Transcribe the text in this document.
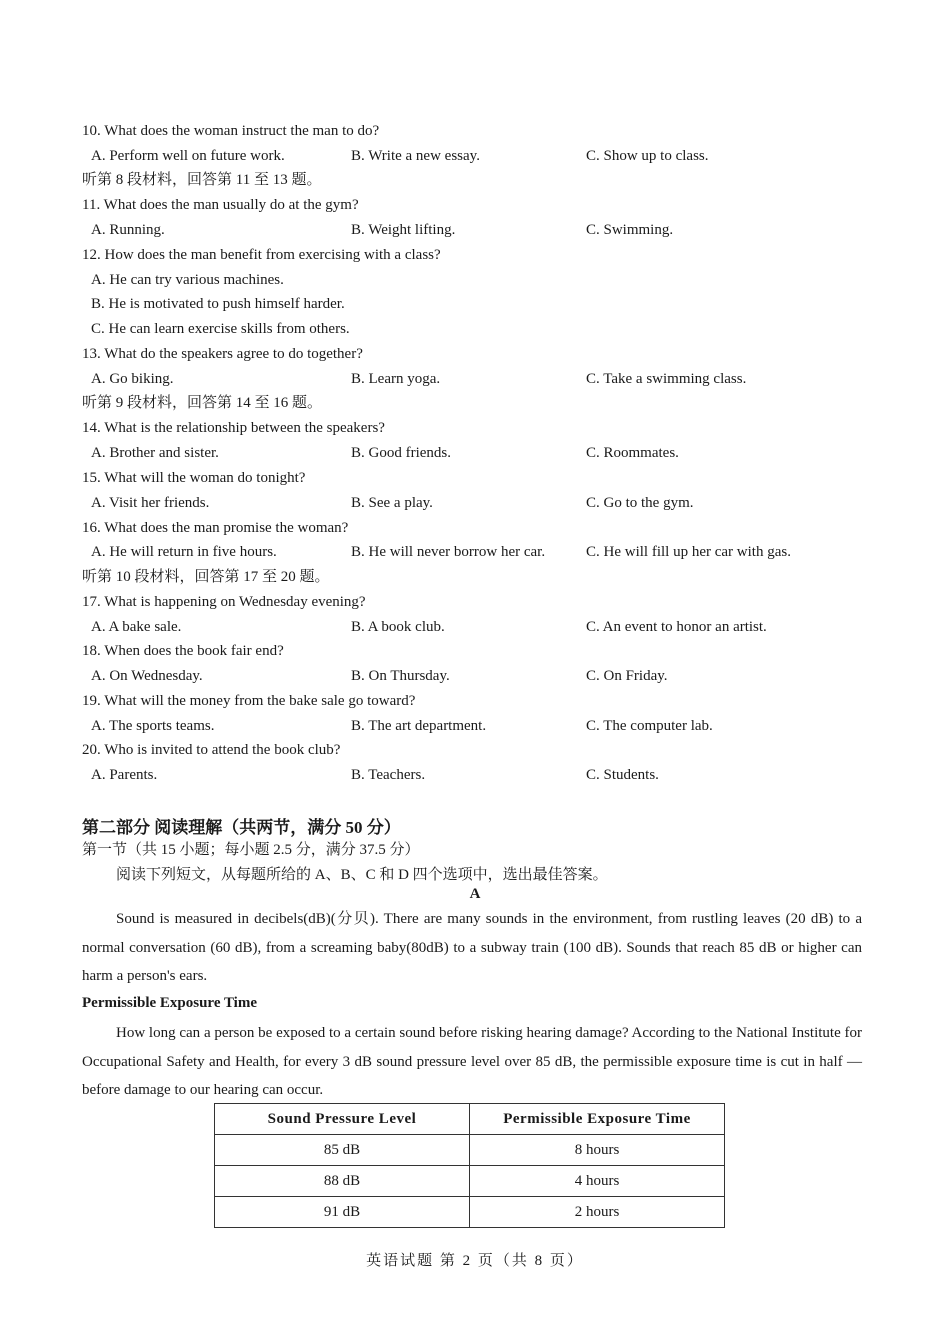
10. What does the woman instruct the man to do?
A. Perform well on future work.	B. Write a new essay.	C. Show up to class.
听第 8 段材料，回答第 11 至 13 题。
11. What does the man usually do at the gym?
A. Running.	B. Weight lifting.	C. Swimming.
12. How does the man benefit from exercising with a class?
A. He can try various machines.
B. He is motivated to push himself harder.
C. He can learn exercise skills from others.
13. What do the speakers agree to do together?
A. Go biking.	B. Learn yoga.	C. Take a swimming class.
听第 9 段材料，回答第 14 至 16 题。
14. What is the relationship between the speakers?
A. Brother and sister.	B. Good friends.	C. Roommates.
15. What will the woman do tonight?
A. Visit her friends.	B. See a play.	C. Go to the gym.
16. What does the man promise the woman?
A. He will return in five hours.	B. He will never borrow her car.	C. He will fill up her car with gas.
听第 10 段材料，回答第 17 至 20 题。
17. What is happening on Wednesday evening?
A. A bake sale.	B. A book club.	C. An event to honor an artist.
18. When does the book fair end?
A. On Wednesday.	B. On Thursday.	C. On Friday.
19. What will the money from the bake sale go toward?
A. The sports teams.	B. The art department.	C. The computer lab.
20. Who is invited to attend the book club?
A. Parents.	B. Teachers.	C. Students.
第二部分 阅读理解（共两节，满分 50 分）
第一节（共 15 小题；每小题 2.5 分，满分 37.5 分）
阅读下列短文，从每题所给的 A、B、C 和 D 四个选项中，选出最佳答案。
A
Sound is measured in decibels(dB)(分贝). There are many sounds in the environment, from rustling leaves (20 dB) to a normal conversation (60 dB), from a screaming baby(80dB) to a subway train (100 dB). Sounds that reach 85 dB or higher can harm a person's ears.
Permissible Exposure Time
How long can a person be exposed to a certain sound before risking hearing damage? According to the National Institute for Occupational Safety and Health, for every 3 dB sound pressure level over 85 dB, the permissible exposure time is cut in half — before damage to our hearing can occur.
Sound Pressure Level	Permissible Exposure Time
85 dB	8 hours
88 dB	4 hours
91 dB	2 hours
英语试题 第 2 页（共 8 页）
